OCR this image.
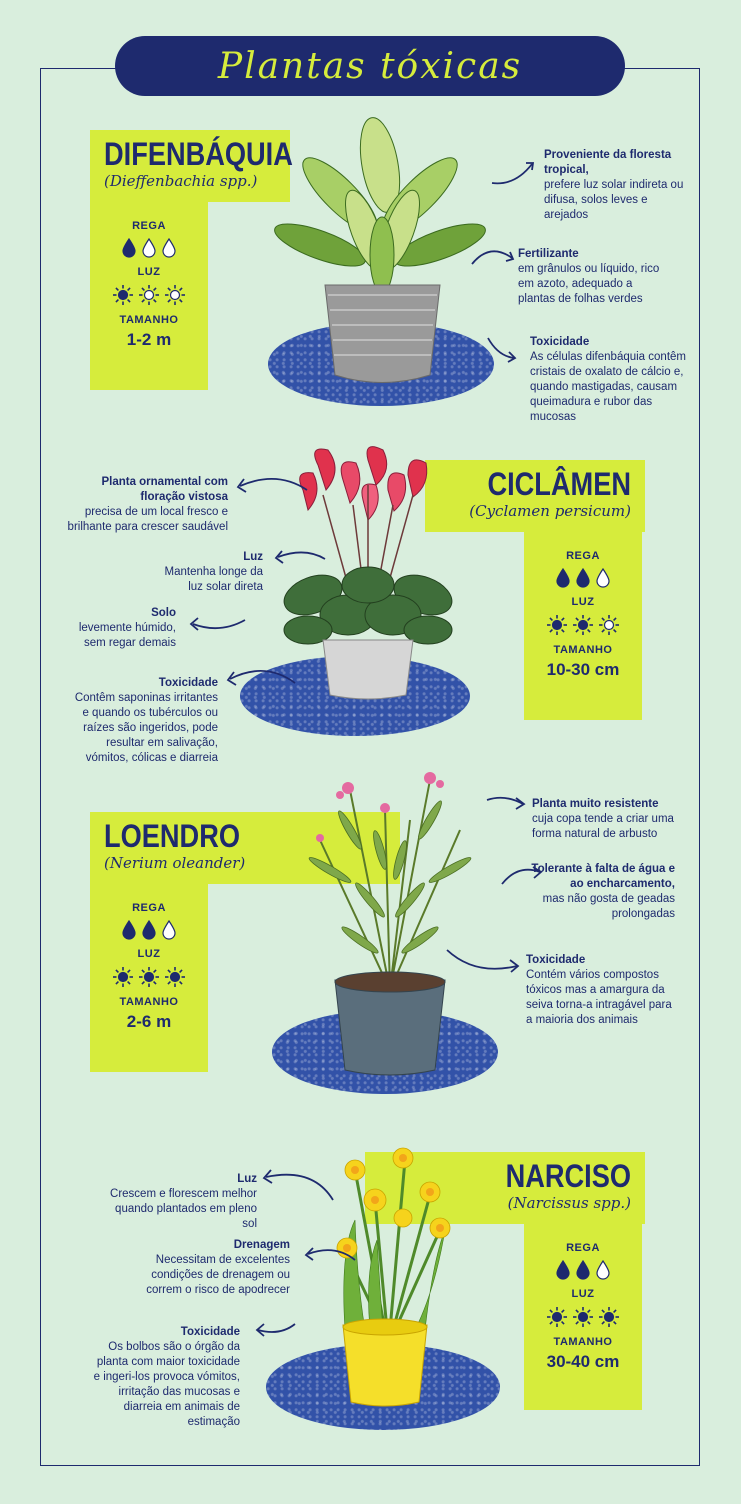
Plantas tóxicas
DIFENBÁQUIA
(Dieffenbachia spp.)
REGA
LUZ
TAMANHO
1-2 m
Proveniente da floresta tropical,
prefere luz solar indireta ou difusa, solos leves e arejados
Fertilizante
em grânulos ou líquido, rico em azoto, adequado a plantas de folhas verdes
Toxicidade
As células difenbáquia contêm cristais de oxalato de cálcio e, quando mastigadas, causam queimadura e rubor das mucosas
CICLÂMEN
(Cyclamen persicum)
REGA
LUZ
TAMANHO
10-30 cm
Planta ornamental com floração vistosa
precisa de um local fresco e brilhante para crescer saudável
Luz
Mantenha longe da luz solar direta
Solo
levemente húmido, sem regar demais
Toxicidade
Contêm saponinas irritantes e quando os tubérculos ou raízes são ingeridos, pode resultar em salivação, vómitos, cólicas e diarreia
LOENDRO
(Nerium oleander)
REGA
LUZ
TAMANHO
2-6 m
Planta muito resistente
cuja copa tende a criar uma forma natural de arbusto
Tolerante à falta de água e ao encharcamento,
mas não gosta de geadas prolongadas
Toxicidade
Contém vários compostos tóxicos mas a amargura da seiva torna-a intragável para a maioria dos animais
NARCISO
(Narcissus spp.)
REGA
LUZ
TAMANHO
30-40 cm
Luz
Crescem e florescem melhor quando plantados em pleno sol
Drenagem
Necessitam de excelentes condições de drenagem ou correm o risco de apodrecer
Toxicidade
Os bolbos são o órgão da planta com maior toxicidade e ingeri-los provoca vómitos, irritação das mucosas e diarreia em animais de estimação
